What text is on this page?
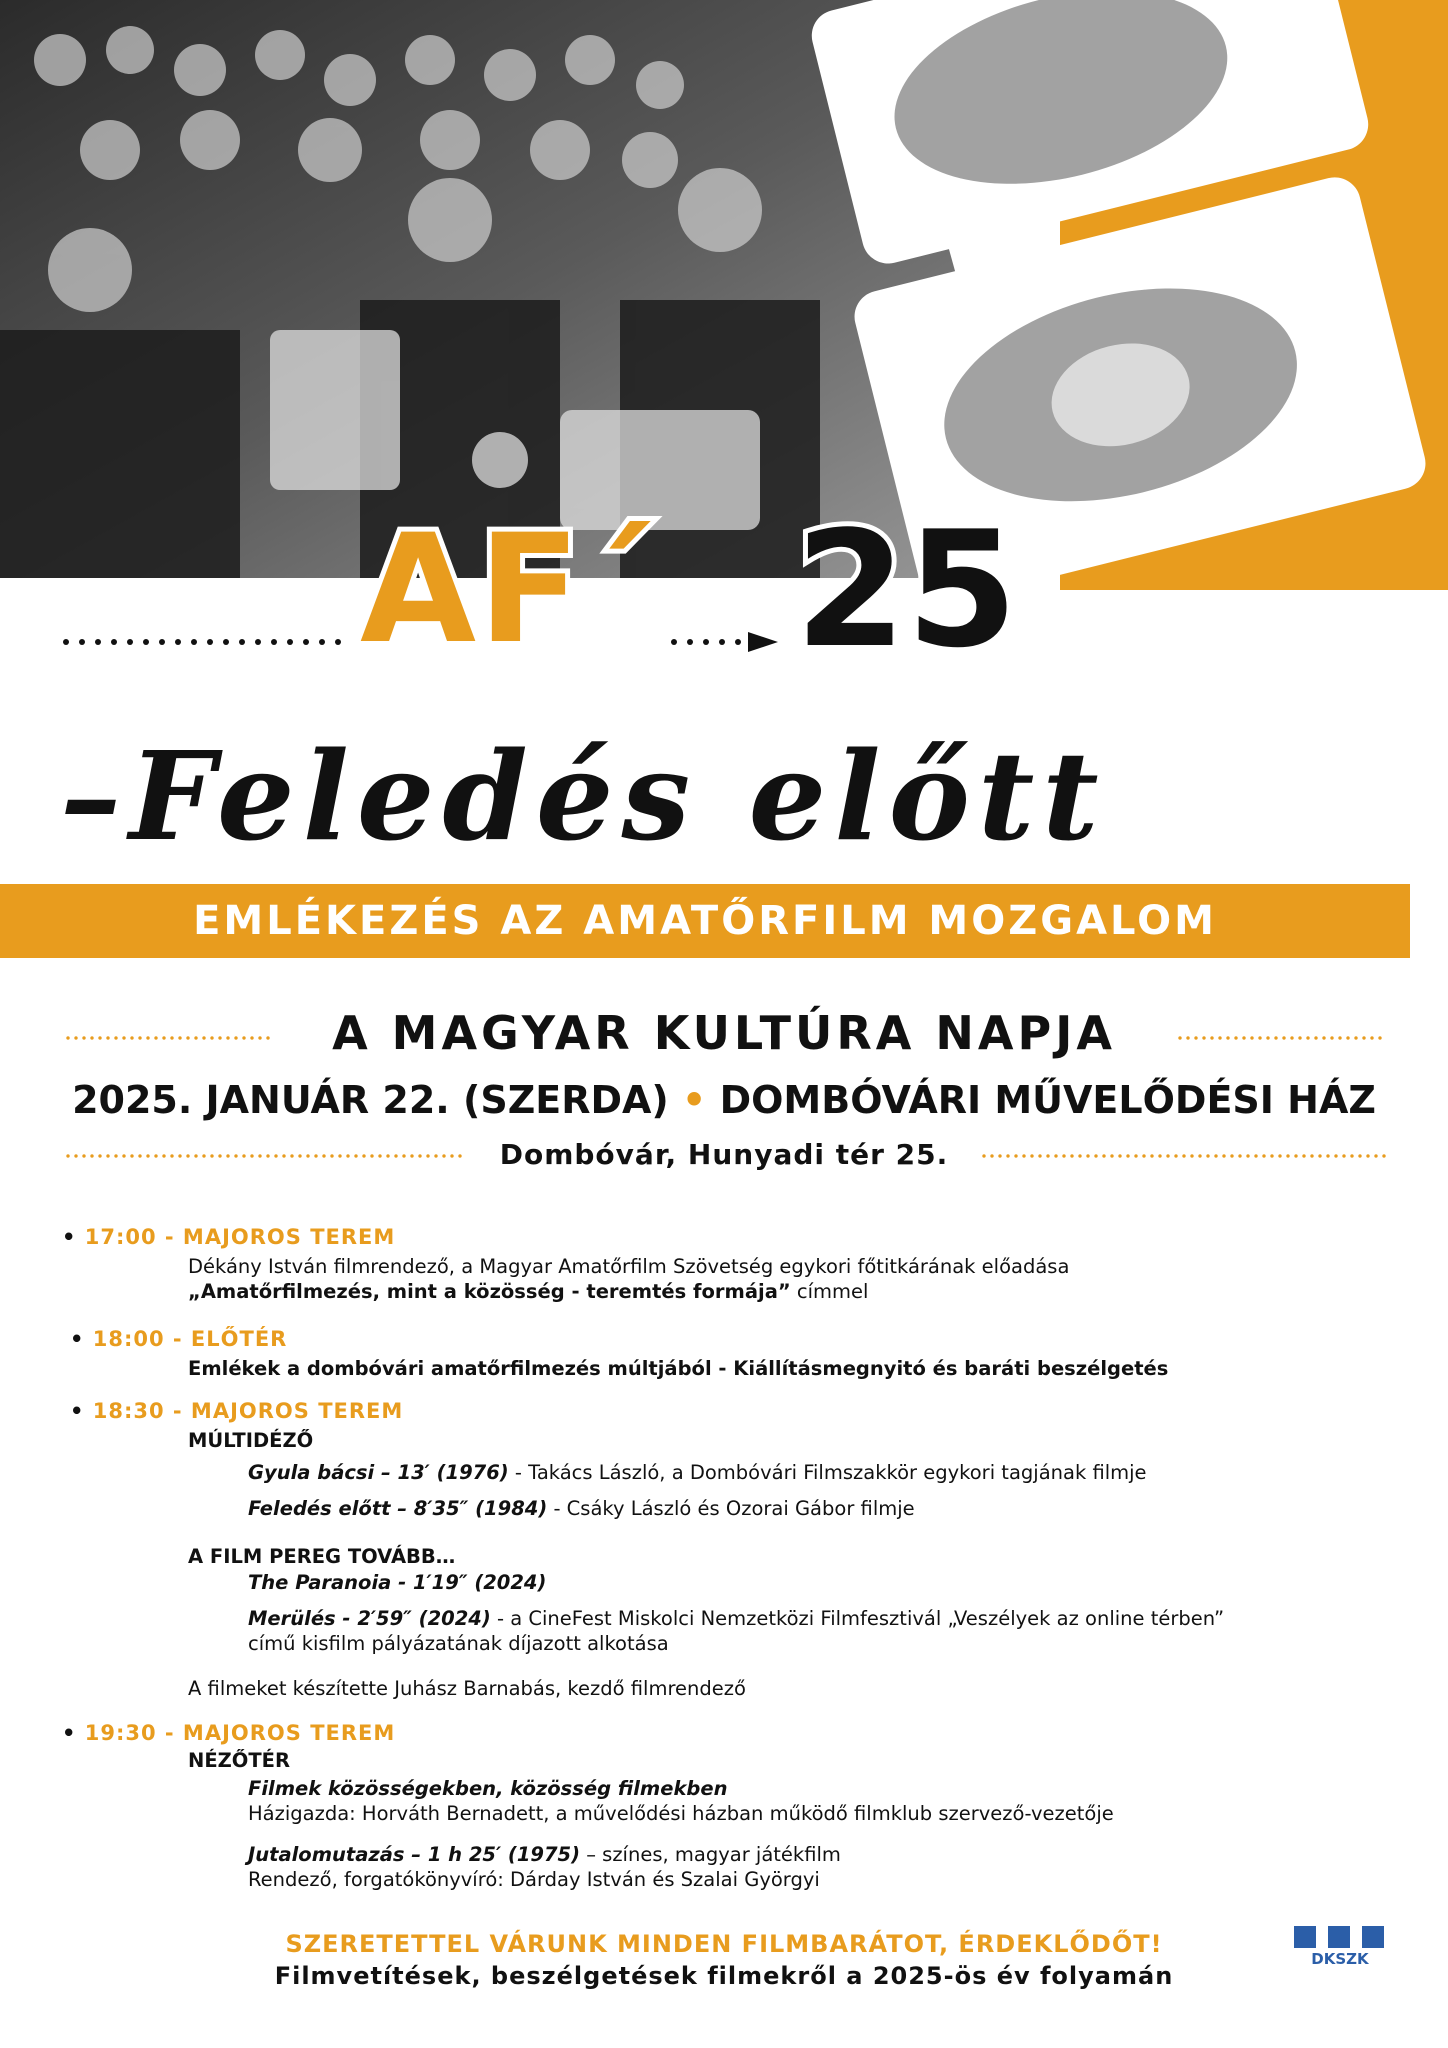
AF´ 25
–Feledés előtt
EMLÉKEZÉS AZ AMATŐRFILM MOZGALOM ARANYKORÁRA
A MAGYAR KULTÚRA NAPJA
2025. JANUÁR 22. (SZERDA) • DOMBÓVÁRI MŰVELŐDÉSI HÁZ
Dombóvár, Hunyadi tér 25.
• 17:00 - MAJOROS TEREM
Dékány István filmrendező, a Magyar Amatőrfilm Szövetség egykori főtitkárának előadása
„Amatőrfilmezés, mint a közösség - teremtés formája” címmel
• 18:00 - ELŐTÉR
Emlékek a dombóvári amatőrfilmezés múltjából - Kiállításmegnyitó és baráti beszélgetés
• 18:30 - MAJOROS TEREM
MÚLTIDÉZŐ
Gyula bácsi – 13′ (1976) - Takács László, a Dombóvári Filmszakkör egykori tagjának filmje
Feledés előtt – 8′35″ (1984) - Csáky László és Ozorai Gábor filmje
A FILM PEREG TOVÁBB…
The Paranoia - 1′19″ (2024)
Merülés - 2′59″ (2024) - a CineFest Miskolci Nemzetközi Filmfesztivál „Veszélyek az online térben”
című kisfilm pályázatának díjazott alkotása
A filmeket készítette Juhász Barnabás, kezdő filmrendező
• 19:30 - MAJOROS TEREM
NÉZŐTÉR
Filmek közösségekben, közösség filmekben
Házigazda: Horváth Bernadett, a művelődési házban működő filmklub szervező-vezetője
Jutalomutazás – 1 h 25′ (1975) – színes, magyar játékfilm
Rendező, forgatókönyvíró: Dárday István és Szalai Györgyi
SZERETETTEL VÁRUNK MINDEN FILMBARÁTOT, ÉRDEKLŐDŐT!
Filmvetítések, beszélgetések filmekről a 2025-ös év folyamán
DKSZK
